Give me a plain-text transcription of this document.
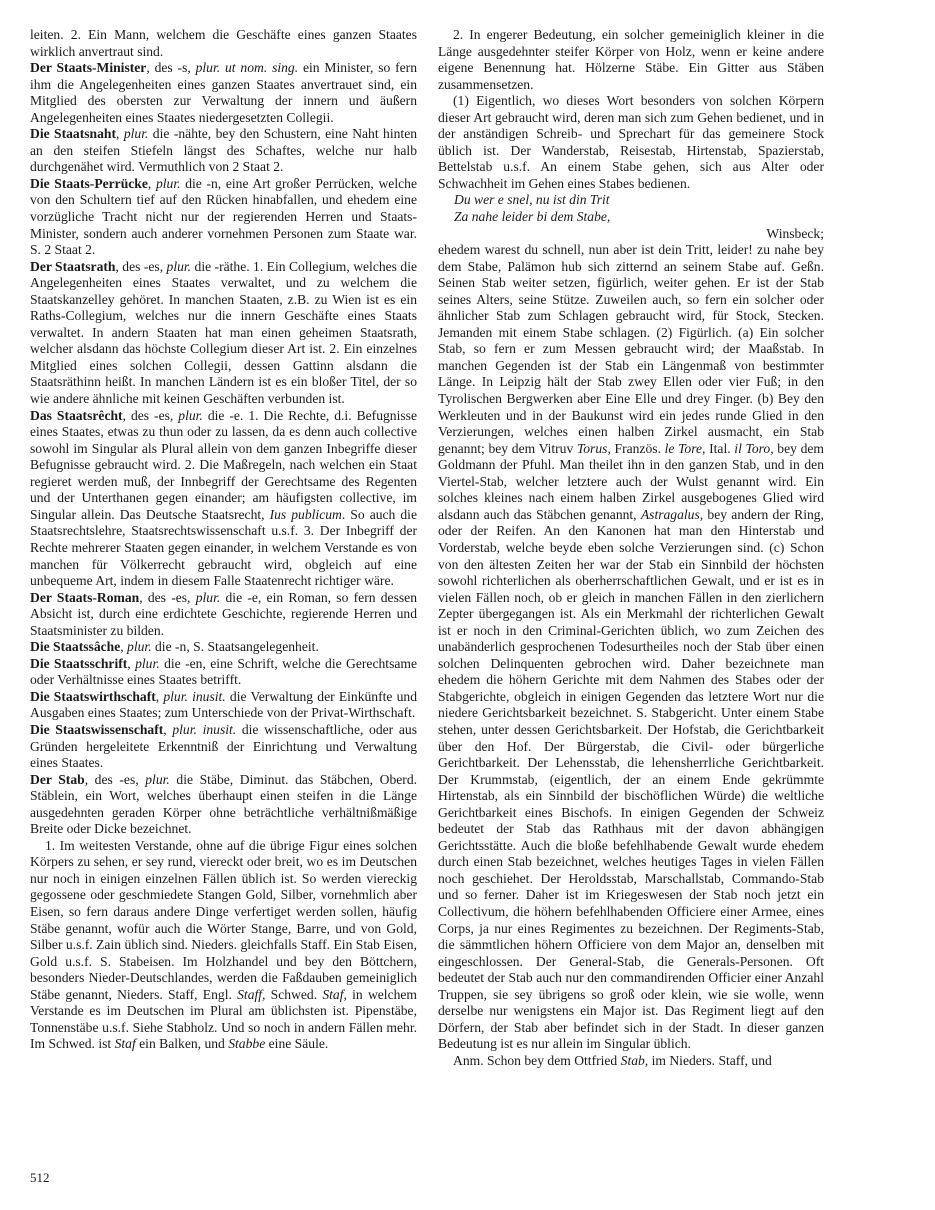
leiten. 2. Ein Mann, welchem die Geschäfte eines ganzen Staates wirklich anvertraut sind.

Der Staats-Minister, des -s, plur. ut nom. sing. ein Minister, so fern ihm die Angelegenheiten eines ganzen Staates anvertrauet sind, ein Mitglied des obersten zur Verwaltung der innern und äußern Angelegenheiten eines Staates niedergesetzten Collegii.

Die Staatsnaht, plur. die -nähte, bey den Schustern, eine Naht hinten an den steifen Stiefeln längst des Schaftes, welche nur halb durchgenähet wird. Vermuthlich von 2 Staat 2.

Die Staats-Perrücke, plur. die -n, eine Art großer Perrücken, welche von den Schultern tief auf den Rücken hinabfallen, und ehedem eine vorzügliche Tracht nicht nur der regierenden Herren und Staats-Minister, sondern auch anderer vornehmen Personen zum Staate war. S. 2 Staat 2.

Der Staatsrath, des -es, plur. die -räthe. 1. Ein Collegium, welches die Angelegenheiten eines Staates verwaltet, und zu welchem die Staatskanzelley gehöret. In manchen Staaten, z.B. zu Wien ist es ein Raths-Collegium, welches nur die innern Geschäfte eines Staats verwaltet. In andern Staaten hat man einen geheimen Staatsrath, welcher alsdann das höchste Collegium dieser Art ist. 2. Ein einzelnes Mitglied eines solchen Collegii, dessen Gattinn alsdann die Staatsräthinn heißt. In manchen Ländern ist es ein bloßer Titel, der so wie andere ähnliche mit keinen Geschäften verbunden ist.

Das Staatsrêcht, des -es, plur. die -e. 1. Die Rechte, d.i. Befugnisse eines Staates, etwas zu thun oder zu lassen, da es denn auch collective sowohl im Singular als Plural allein von dem ganzen Inbegriffe dieser Befugnisse gebraucht wird. 2. Die Maßregeln, nach welchen ein Staat regieret werden muß, der Innbegriff der Gerechtsame des Regenten und der Unterthanen gegen einander; am häufigsten collective, im Singular allein. Das Deutsche Staatsrecht, Ius publicum. So auch die Staatsrechtslehre, Staatsrechtswissenschaft u.s.f. 3. Der Inbegriff der Rechte mehrerer Staaten gegen einander, in welchem Verstande es von manchen für Völkerrecht gebraucht wird, obgleich auf eine unbequeme Art, indem in diesem Falle Staatenrecht richtiger wäre.

Der Staats-Roman, des -es, plur. die -e, ein Roman, so fern dessen Absicht ist, durch eine erdichtete Geschichte, regierende Herren und Staatsminister zu bilden.

Die Staatssâche, plur. die -n, S. Staatsangelegenheit.

Die Staatsschrift, plur. die -en, eine Schrift, welche die Gerechtsame oder Verhältnisse eines Staates betrifft.

Die Staatswirthschaft, plur. inusit. die Verwaltung der Einkünfte und Ausgaben eines Staates; zum Unterschiede von der Privat-Wirthschaft.

Die Staatswissenschaft, plur. inusit. die wissenschaftliche, oder aus Gründen hergeleitete Erkenntniß der Einrichtung und Verwaltung eines Staates.

Der Stab, des -es, plur. die Stäbe, Diminut. das Stäbchen, Oberd. Stäblein, ein Wort, welches überhaupt einen steifen in die Länge ausgedehnten geraden Körper ohne beträchtliche verhältnißmäßige Breite oder Dicke bezeichnet.

1. Im weitesten Verstande, ohne auf die übrige Figur eines solchen Körpers zu sehen, er sey rund, viereckt oder breit, wo es im Deutschen nur noch in einigen einzelnen Fällen üblich ist. So werden viereckig gegossene oder geschmiedete Stangen Gold, Silber, vornehmlich aber Eisen, so fern daraus andere Dinge verfertiget werden sollen, häufig Stäbe genannt, wofür auch die Wörter Stange, Barre, und von Gold, Silber u.s.f. Zain üblich sind. Nieders. gleichfalls Staff. Ein Stab Eisen, Gold u.s.f. S. Stabeisen. Im Holzhandel und bey den Böttchern, besonders Nieder-Deutschlandes, werden die Faßdauben gemeiniglich Stäbe genannt, Nieders. Staff, Engl. Staff, Schwed. Staf, in welchem Verstande es im Deutschen im Plural am üblichsten ist. Pipenstäbe, Tonnenstäbe u.s.f. Siehe Stabholz. Und so noch in andern Fällen mehr. Im Schwed. ist Staf ein Balken, und Stabbe eine Säule.

2. In engerer Bedeutung, ein solcher gemeiniglich kleiner in die Länge ausgedehnter steifer Körper von Holz, wenn er keine andere eigene Benennung hat. Hölzerne Stäbe. Ein Gitter aus Stäben zusammensetzen.

(1) Eigentlich, wo dieses Wort besonders von solchen Körpern dieser Art gebraucht wird, deren man sich zum Gehen bedienet, und in der anständigen Schreib- und Sprechart für das gemeinere Stock üblich ist. Der Wanderstab, Reisestab, Hirtenstab, Spazierstab, Bettelstab u.s.f. An einem Stabe gehen, sich aus Alter oder Schwachheit im Gehen eines Stabes bedienen.

Du wer e snel, nu ist din Trit

Za nahe leider bi dem Stabe,

Winsbeck;

ehedem warest du schnell, nun aber ist dein Tritt, leider! zu nahe bey dem Stabe, Palämon hub sich zitternd an seinem Stabe auf. Geßn. Seinen Stab weiter setzen, figürlich, weiter gehen. Er ist der Stab seines Alters, seine Stütze. Zuweilen auch, so fern ein solcher oder ähnlicher Stab zum Schlagen gebraucht wird, für Stock, Stecken. Jemanden mit einem Stabe schlagen. (2) Figürlich. (a) Ein solcher Stab, so fern er zum Messen gebraucht wird; der Maaßstab. In manchen Gegenden ist der Stab ein Längenmaß von bestimmter Länge. In Leipzig hält der Stab zwey Ellen oder vier Fuß; in den Tyrolischen Bergwerken aber Eine Elle und drey Finger. (b) Bey den Werkleuten und in der Baukunst wird ein jedes runde Glied in den Verzierungen, welches einen halben Zirkel ausmacht, ein Stab genannt; bey dem Vitruv Torus, Französ. le Tore, Ital. il Toro, bey dem Goldmann der Pfuhl. Man theilet ihn in den ganzen Stab, und in den Viertel-Stab, welcher letztere auch der Wulst genannt wird. Ein solches kleines nach einem halben Zirkel ausgebogenes Glied wird alsdann auch das Stäbchen genannt, Astragalus, bey andern der Ring, oder der Reifen. An den Kanonen hat man den Hinterstab und Vorderstab, welche beyde eben solche Verzierungen sind. (c) Schon von den ältesten Zeiten her war der Stab ein Sinnbild der höchsten sowohl richterlichen als oberherrschaftlichen Gewalt, und er ist es in vielen Fällen noch, ob er gleich in manchen Fällen in den zierlichern Zepter übergegangen ist. Als ein Merkmahl der richterlichen Gewalt ist er noch in den Criminal-Gerichten üblich, wo zum Zeichen des unabänderlich gesprochenen Todesurtheiles noch der Stab über einen solchen Delinquenten gebrochen wird. Daher bezeichnete man ehedem die höhern Gerichte mit dem Nahmen des Stabes oder der Stabgerichte, obgleich in einigen Gegenden das letztere Wort nur die niedere Gerichtsbarkeit bezeichnet. S. Stabgericht. Unter einem Stabe stehen, unter dessen Gerichtsbarkeit. Der Hofstab, die Gerichtbarkeit über den Hof. Der Bürgerstab, die Civil- oder bürgerliche Gerichtbarkeit. Der Lehensstab, die lehensherrliche Gerichtbarkeit. Der Krummstab, (eigentlich, der an einem Ende gekrümmte Hirtenstab, als ein Sinnbild der bischöflichen Würde) die weltliche Gerichtbarkeit eines Bischofs. In einigen Gegenden der Schweiz bedeutet der Stab das Rathhaus mit der davon abhängigen Gerichtsstätte. Auch die bloße befehlhabende Gewalt wurde ehedem durch einen Stab bezeichnet, welches heutiges Tages in vielen Fällen noch geschiehet. Der Heroldsstab, Marschallstab, Commando-Stab und so ferner. Daher ist im Kriegeswesen der Stab noch jetzt ein Collectivum, die höhern befehlhabenden Officiere einer Armee, eines Corps, ja nur eines Regimentes zu bezeichnen. Der Regiments-Stab, die sämmtlichen höhern Officiere von dem Major an, denselben mit eingeschlossen. Der General-Stab, die Generals-Personen. Oft bedeutet der Stab auch nur den commandirenden Officier einer Anzahl Truppen, sie sey übrigens so groß oder klein, wie sie wolle, wenn derselbe nur wenigstens ein Major ist. Das Regiment liegt auf den Dörfern, der Stab aber befindet sich in der Stadt. In dieser ganzen Bedeutung ist es nur allein im Singular üblich.

Anm. Schon bey dem Ottfried Stab, im Nieders. Staff, und

512
